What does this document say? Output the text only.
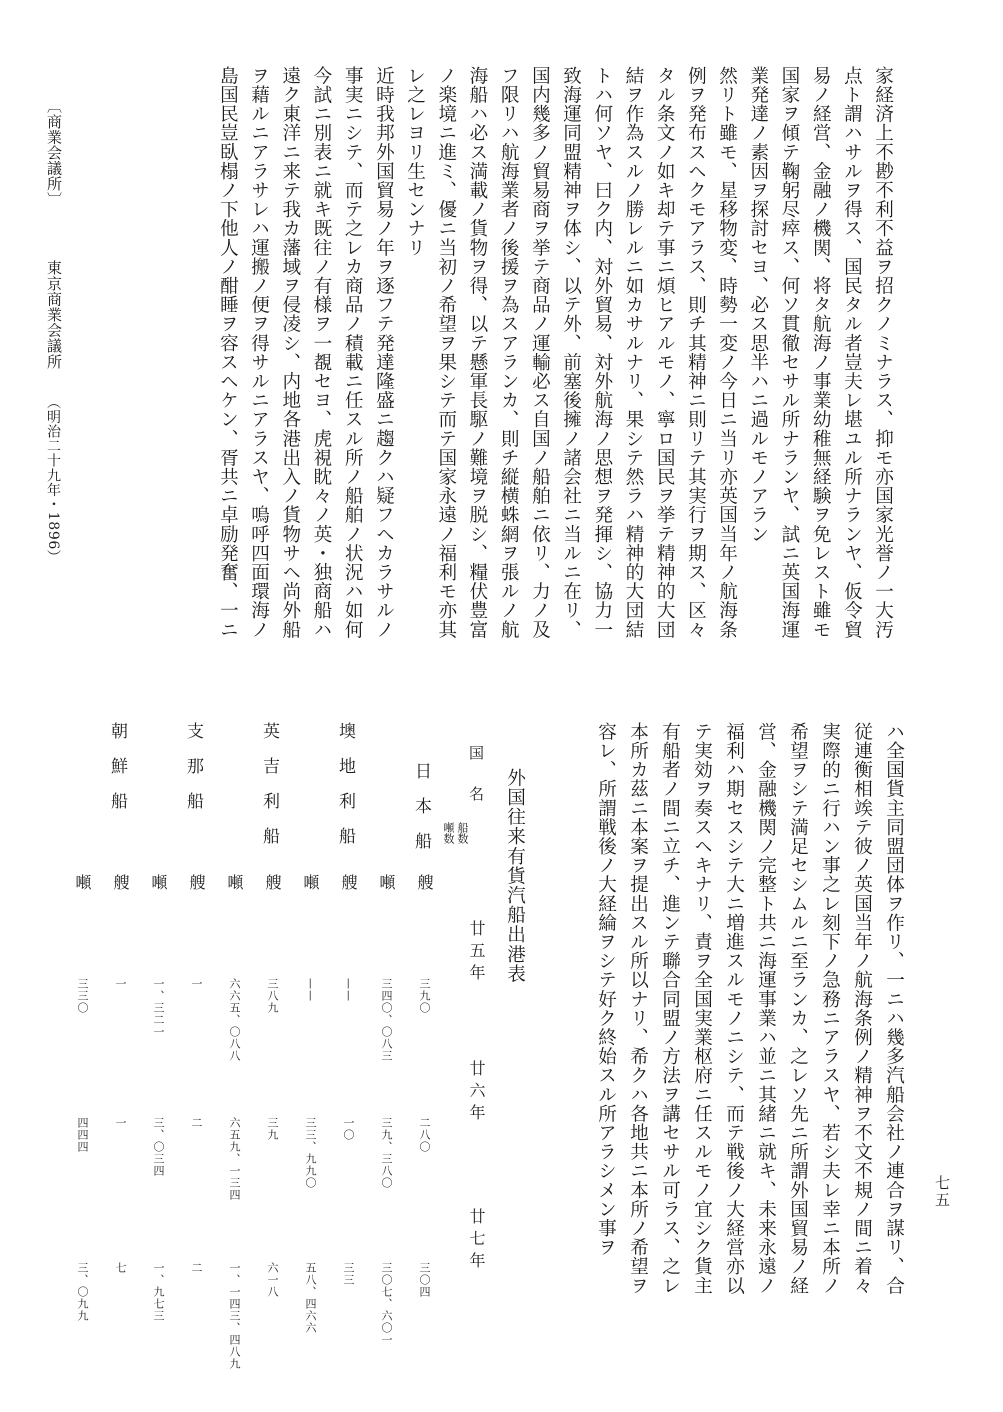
家経済上不尠不利不益ヲ招クノミナラス、抑モ亦国家光誉ノ一大汚
点ト謂ハサルヲ得ス、国民タル者豈夫レ堪ユル所ナランヤ、仮令貿
易ノ経営、金融ノ機関、将タ航海ノ事業幼稚無経験ヲ免レスト雖モ
国家ヲ傾テ鞠躬尽瘁ス、何ソ貫徹セサル所ナランヤ、試ニ英国海運
業発達ノ素因ヲ探討セヨ、必ス思半ハニ過ルモノアラン
然リト雖モ、星移物変、時勢一変ノ今日ニ当リ亦英国当年ノ航海条
例ヲ発布スヘクモアラス、則チ其精神ニ則リテ其実行ヲ期ス、区々
タル条文ノ如キ却テ事ニ煩ヒアルモノ、寧ロ国民ヲ挙テ精神的大団
結ヲ作為スルノ勝レルニ如カサルナリ、果シテ然ラハ精神的大団結
トハ何ソヤ、曰ク内、対外貿易、対外航海ノ思想ヲ発揮シ、協力一
致海運同盟精神ヲ体シ、以テ外、前塞後擁ノ諸会社ニ当ルニ在リ、
国内幾多ノ貿易商ヲ挙テ商品ノ運輸必ス自国ノ船舶ニ依リ、力ノ及
フ限リハ航海業者ノ後援ヲ為スアランカ、則チ縦横蛛網ヲ張ルノ航
海船ハ必ス満載ノ貨物ヲ得、以テ懸軍長駆ノ難境ヲ脱シ、糧伏豊富
ノ楽境ニ進ミ、優ニ当初ノ希望ヲ果シテ而テ国家永遠ノ福利モ亦其
レ之レヨリ生センナリ
近時我邦外国貿易ノ年ヲ逐フテ発達隆盛ニ趨クハ疑フヘカラサルノ
事実ニシテ、而テ之レカ商品ノ積載ニ任スル所ノ船舶ノ状況ハ如何
今試ニ別表ニ就キ既往ノ有様ヲ一覩セヨ、虎視眈々ノ英・独商船ハ
遠ク東洋ニ来テ我カ藩域ヲ侵凌シ、内地各港出入ノ貨物サヘ尚外船
ヲ藉ルニアラサレハ運搬ノ便ヲ得サルニアラスヤ、嗚呼四面環海ノ
島国民豈臥榻ノ下他人ノ酣睡ヲ容スヘケン、胥共ニ卓励発奮、一ニ
ハ全国貨主同盟団体ヲ作リ、一ニハ幾多汽船会社ノ連合ヲ謀リ、合
従連衡相竢テ彼ノ英国当年ノ航海条例ノ精神ヲ不文不規ノ間ニ着々
実際的ニ行ハン事之レ刻下ノ急務ニアラスヤ、若シ夫レ幸ニ本所ノ
希望ヲシテ満足セシムルニ至ランカ、之レソ先ニ所謂外国貿易ノ経
営、金融機関ノ完整ト共ニ海運事業ハ並ニ其緒ニ就キ、未来永遠ノ
福利ハ期セスシテ大ニ増進スルモノニシテ、而テ戦後ノ大経営亦以
テ実効ヲ奏スヘキナリ、責ヲ全国実業枢府ニ任スルモノ宜シク貨主
有船者ノ間ニ立チ、進ンテ聯合同盟ノ方法ヲ講セサル可ラス、之レ
本所カ茲ニ本案ヲ提出スル所以ナリ、希クハ各地共ニ本所ノ希望ヲ
容レ、所謂戦後ノ大経綸ヲシテ好ク終始スル所アラシメン事ヲ
外国往来有貨汽船出港表
国名
船数
噸数
廿五年
廿六年
廿七年
日本船
艘
三九〇
二八〇
三〇四
噸
三四〇、〇八三
三九、三八〇
三〇七、六〇一
墺地利船
艘
——
一〇
三三
噸
——
三三、九九〇
五八、四六六
英吉利船
艘
三八九
三九
六一八
噸
六六五、〇八八
六五九、一三四
一、一四三、四八九
支那船
艘
一
二
二
噸
一、三二一
三、〇三四
一、九七三
朝鮮船
艘
一
一
七
噸
三三〇
四四四
三、〇九九
〔商業会議所〕
東京商業会議所
（明治二十九年・1896）
七五
